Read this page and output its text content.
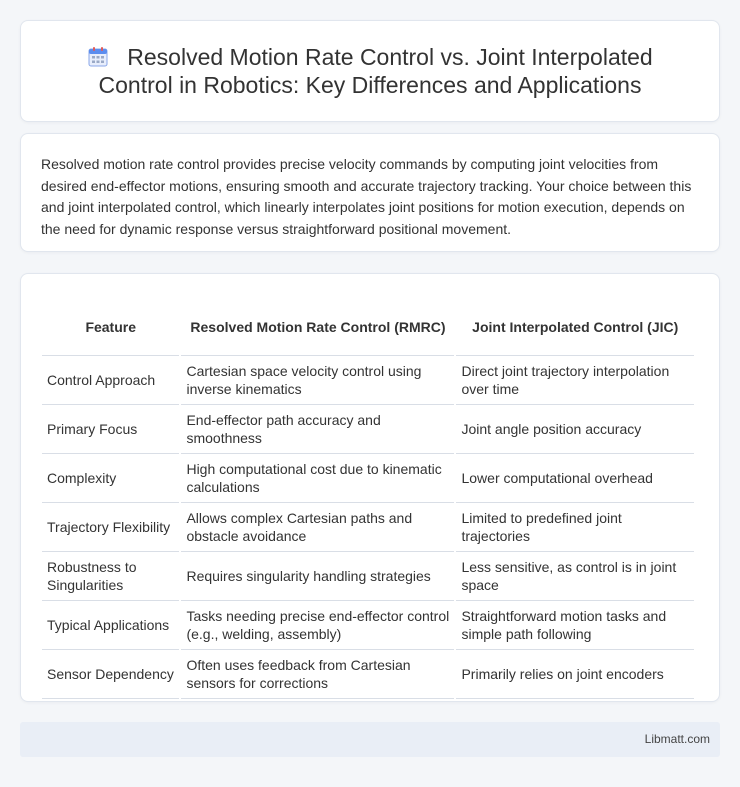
Resolved Motion Rate Control vs. Joint Interpolated Control in Robotics: Key Differences and Applications

Resolved motion rate control provides precise velocity commands by computing joint velocities from desired end-effector motions, ensuring smooth and accurate trajectory tracking. Your choice between this and joint interpolated control, which linearly interpolates joint positions for motion execution, depends on the need for dynamic response versus straightforward positional movement.

Feature	Resolved Motion Rate Control (RMRC)	Joint Interpolated Control (JIC)
Control Approach	Cartesian space velocity control using inverse kinematics	Direct joint trajectory interpolation over time
Primary Focus	End-effector path accuracy and smoothness	Joint angle position accuracy
Complexity	High computational cost due to kinematic calculations	Lower computational overhead
Trajectory Flexibility	Allows complex Cartesian paths and obstacle avoidance	Limited to predefined joint trajectories
Robustness to Singularities	Requires singularity handling strategies	Less sensitive, as control is in joint space
Typical Applications	Tasks needing precise end-effector control (e.g., welding, assembly)	Straightforward motion tasks and simple path following
Sensor Dependency	Often uses feedback from Cartesian sensors for corrections	Primarily relies on joint encoders
Libmatt.com
